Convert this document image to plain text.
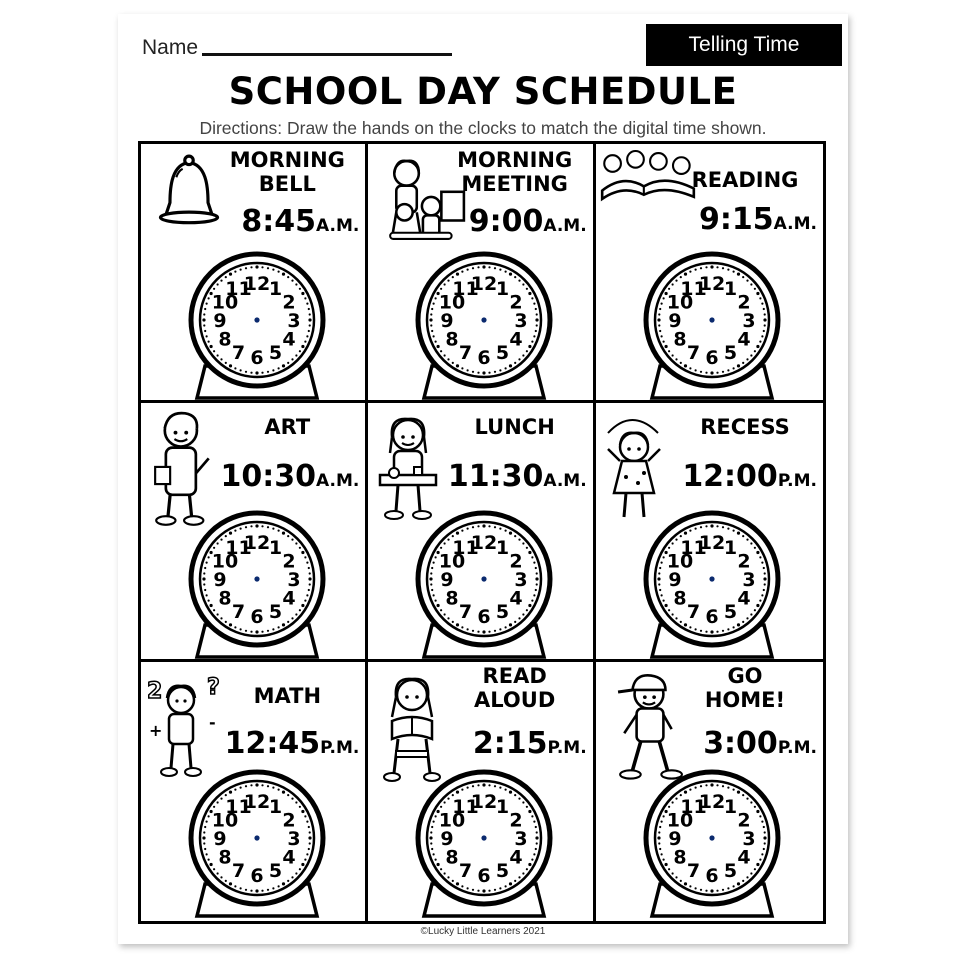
Name	Telling Time
SCHOOL DAY SCHEDULE
Directions: Draw the hands on the clocks to match the digital time shown.
MORNING
BELL
8:45A.M.
12
1
2
3
4
5
6
7
8
9
10
11
MORNING
MEETING
9:00A.M.
12
1
2
3
4
5
6
7
8
9
10
11
READING
9:15A.M.
12
1
2
3
4
5
6
7
8
9
10
11
ART
10:30A.M.
12
1
2
3
4
5
6
7
8
9
10
11
LUNCH
11:30A.M.
12
1
2
3
4
5
6
7
8
9
10
11
RECESS
12:00P.M.
12
1
2
3
4
5
6
7
8
9
10
11
2 ?
+	-
MATH
12:45P.M.
12
1
2
3
4
5
6
7
8
9
10
11
READ
ALOUD
2:15P.M.
12
1
2
3
4
5
6
7
8
9
10
11
GO
HOME!
3:00P.M.
12
1
2
3
4
5
6
7
8
9
10
11
©Lucky Little Learners 2021
